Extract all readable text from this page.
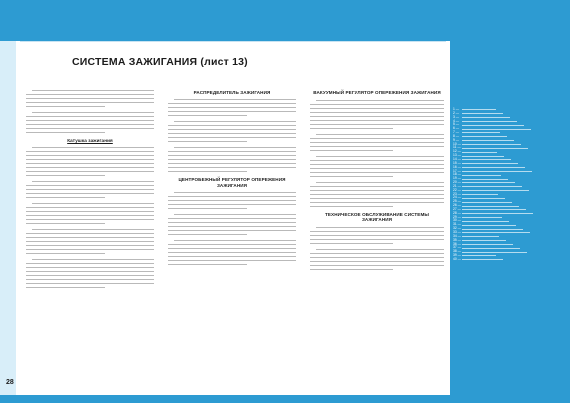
СИСТЕМА ЗАЖИГАНИЯ (лист 13)

Катушка зажигания

РАСПРЕДЕЛИТЕЛЬ ЗАЖИГАНИЯ

ЦЕНТРОБЕЖНЫЙ РЕГУЛЯТОР ОПЕРЕЖЕНИЯ ЗАЖИГАНИЯ

ВАКУУМНЫЙ РЕГУЛЯТОР ОПЕРЕЖЕНИЯ ЗАЖИГАНИЯ

ТЕХНИЧЕСКОЕ ОБСЛУЖИВАНИЕ СИСТЕМЫ ЗАЖИГАНИЯ

1 —
2 —
3 —
4 —
5 —
6 —
7 —
8 —
9 —
10 —
11 —
12 —
13 —
14 —
15 —
16 —
17 —
18 —
19 —
20 —
21 —
22 —
23 —
24 —
25 —
26 —
27 —
28 —
29 —
30 —
31 —
32 —
33 —
34 —
35 —
36 —
37 —
38 —
39 —
40 —
28
